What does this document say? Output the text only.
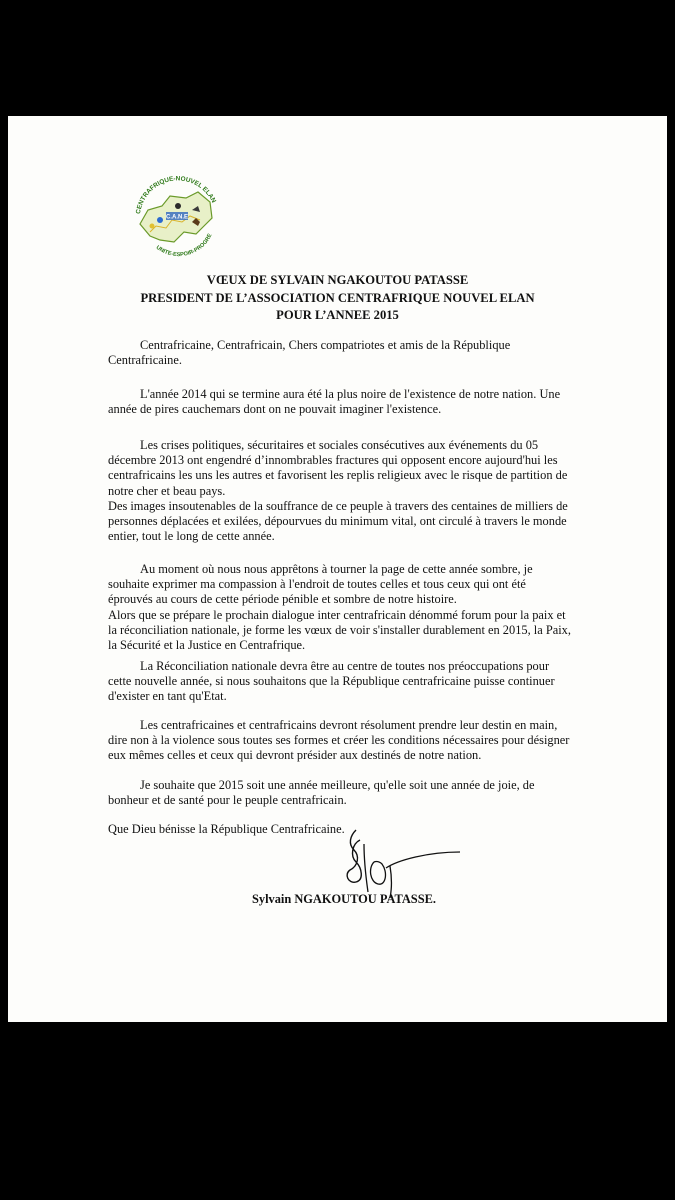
C.A.N.E
CENTRAFRIQUE-NOUVEL ELAN
UNITE-ESPOIR-PROGRE
VŒUX DE SYLVAIN NGAKOUTOU PATASSE
PRESIDENT DE L’ASSOCIATION CENTRAFRIQUE NOUVEL ELAN
POUR L’ANNEE 2015
Centrafricaine, Centrafricain, Chers compatriotes et amis de la République
Centrafricaine.
L'année 2014 qui se termine aura été la plus noire de l'existence de notre nation. Une
année de pires cauchemars dont on ne pouvait imaginer l'existence.
Les crises politiques, sécuritaires et sociales consécutives aux événements du 05
décembre 2013 ont engendré d’innombrables fractures qui opposent encore aujourd'hui les
centrafricains les uns les autres et favorisent les replis religieux avec le risque de partition de
notre cher et beau pays.
Des images insoutenables de la souffrance de ce peuple à travers des centaines de milliers de
personnes déplacées et exilées, dépourvues du minimum vital, ont circulé à travers le monde
entier, tout le long de cette année.
Au moment où nous nous apprêtons à tourner la page de cette année sombre, je
souhaite exprimer ma compassion à l'endroit de toutes celles et tous ceux qui ont été
éprouvés au cours de cette période pénible et sombre de notre histoire.
Alors que se prépare le prochain dialogue inter centrafricain dénommé forum pour la paix et
la réconciliation nationale, je forme les vœux de voir s'installer durablement en 2015, la Paix,
la Sécurité et la Justice en Centrafrique.
La Réconciliation nationale devra être au centre de toutes nos préoccupations pour
cette nouvelle année, si nous souhaitons que la République centrafricaine puisse continuer
d'exister en tant qu'Etat.
Les centrafricaines et centrafricains devront résolument prendre leur destin en main,
dire non à la violence sous toutes ses formes et créer les conditions nécessaires pour désigner
eux mêmes celles et ceux qui devront présider aux destinés de notre nation.
Je souhaite que 2015 soit une année meilleure, qu'elle soit une année de joie, de
bonheur et de santé pour le peuple centrafricain.
Que Dieu bénisse la République Centrafricaine.
Sylvain NGAKOUTOU PATASSE.
